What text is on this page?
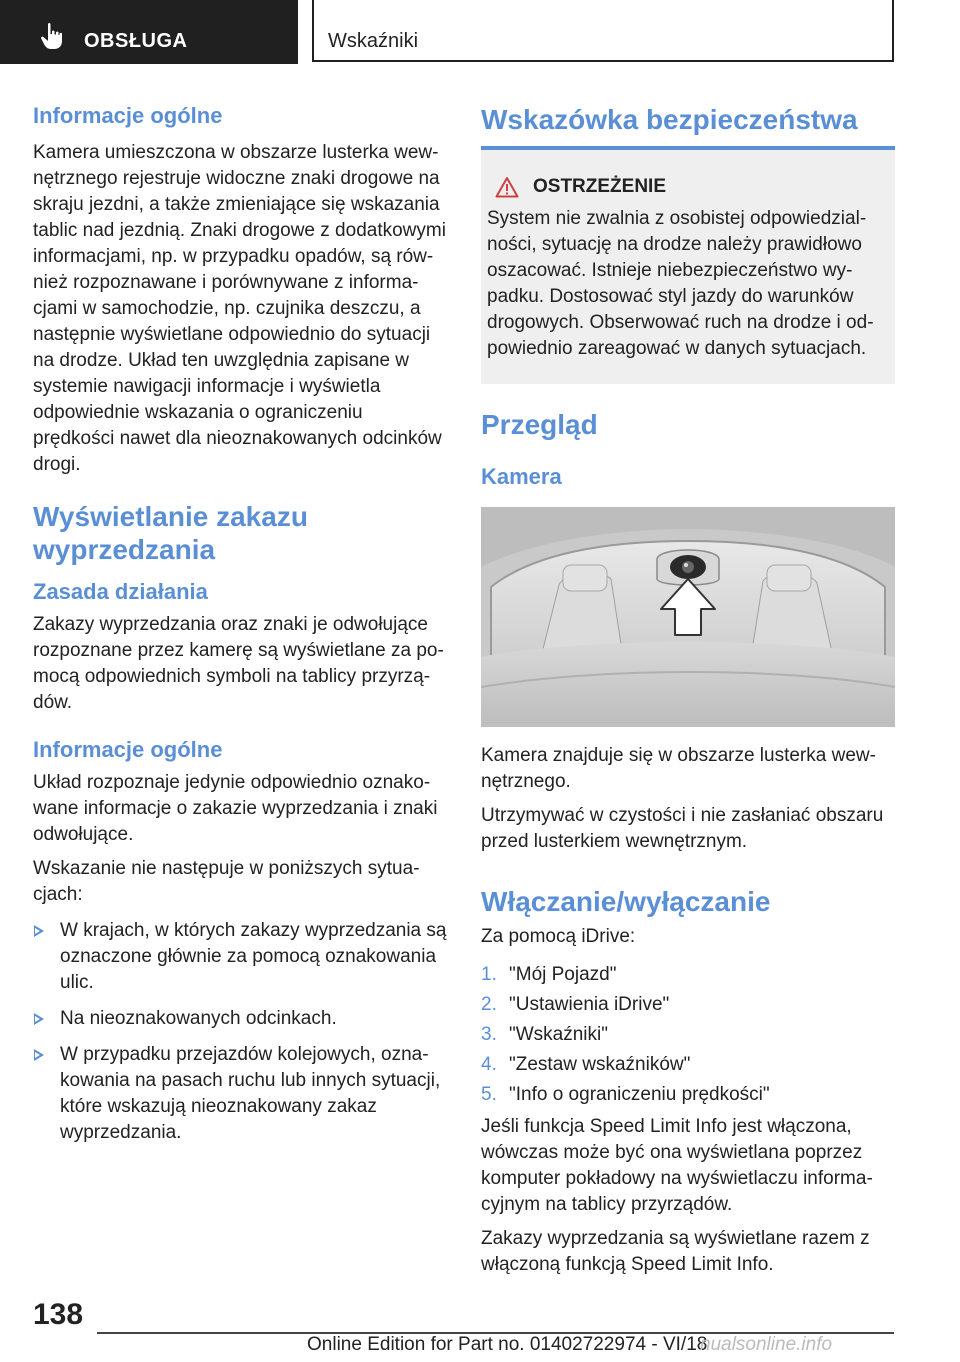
OBSŁUGA	Wskaźniki
Informacje ogólne

Kamera umieszczona w obszarze lusterka wewnętrznego rejestruje widoczne znaki drogowe na skraju jezdni, a także zmieniające się wskazania tablic nad jezdnią. Znaki drogowe z dodatkowymi informacjami, np. w przypadku opadów, są również rozpoznawane i porównywane z informacjami w samochodzie, np. czujnika deszczu, a następnie wyświetlane odpowiednio do sytuacji na drodze. Układ ten uwzględnia zapisane w systemie nawigacji informacje i wyświetla odpowiednie wskazania o ograniczeniu prędkości nawet dla nieoznakowanych odcinków drogi.

Wyświetlanie zakazu wyprzedzania
Zasada działania

Zakazy wyprzedzania oraz znaki je odwołujące rozpoznane przez kamerę są wyświetlane za pomocą odpowiednich symboli na tablicy przyrządów.

Informacje ogólne

Układ rozpoznaje jedynie odpowiednio oznakowane informacje o zakazie wyprzedzania i znaki odwołujące.

Wskazanie nie następuje w poniższych sytuacjach:

W krajach, w których zakazy wyprzedzania są oznaczone głównie za pomocą oznakowania ulic.
Na nieoznakowanych odcinkach.
W przypadku przejazdów kolejowych, oznakowania na pasach ruchu lub innych sytuacji, które wskazują nieoznakowany zakaz wyprzedzania.
Wskazówka bezpieczeństwa
OSTRZEŻENIE

System nie zwalnia z osobistej odpowiedzialności, sytuację na drodze należy prawidłowo oszacować. Istnieje niebezpieczeństwo wypadku. Dostosować styl jazdy do warunków drogowych. Obserwować ruch na drodze i odpowiednio zareagować w danych sytuacjach.

Przegląd
Kamera

Kamera znajduje się w obszarze lusterka wewnętrznego.

Utrzymywać w czystości i nie zasłaniać obszaru przed lusterkiem wewnętrznym.

Włączanie/wyłączanie

Za pomocą iDrive:

1. "Mój Pojazd"
2. "Ustawienia iDrive"
3. "Wskaźniki"
4. "Zestaw wskaźników"
5. "Info o ograniczeniu prędkości"

Jeśli funkcja Speed Limit Info jest włączona, wówczas może być ona wyświetlana poprzez komputer pokładowy na wyświetlaczu informacyjnym na tablicy przyrządów.

Zakazy wyprzedzania są wyświetlane razem z włączoną funkcją Speed Limit Info.

138
Online Edition for Part no. 01402722974 - VI/18
nualsonline.info
